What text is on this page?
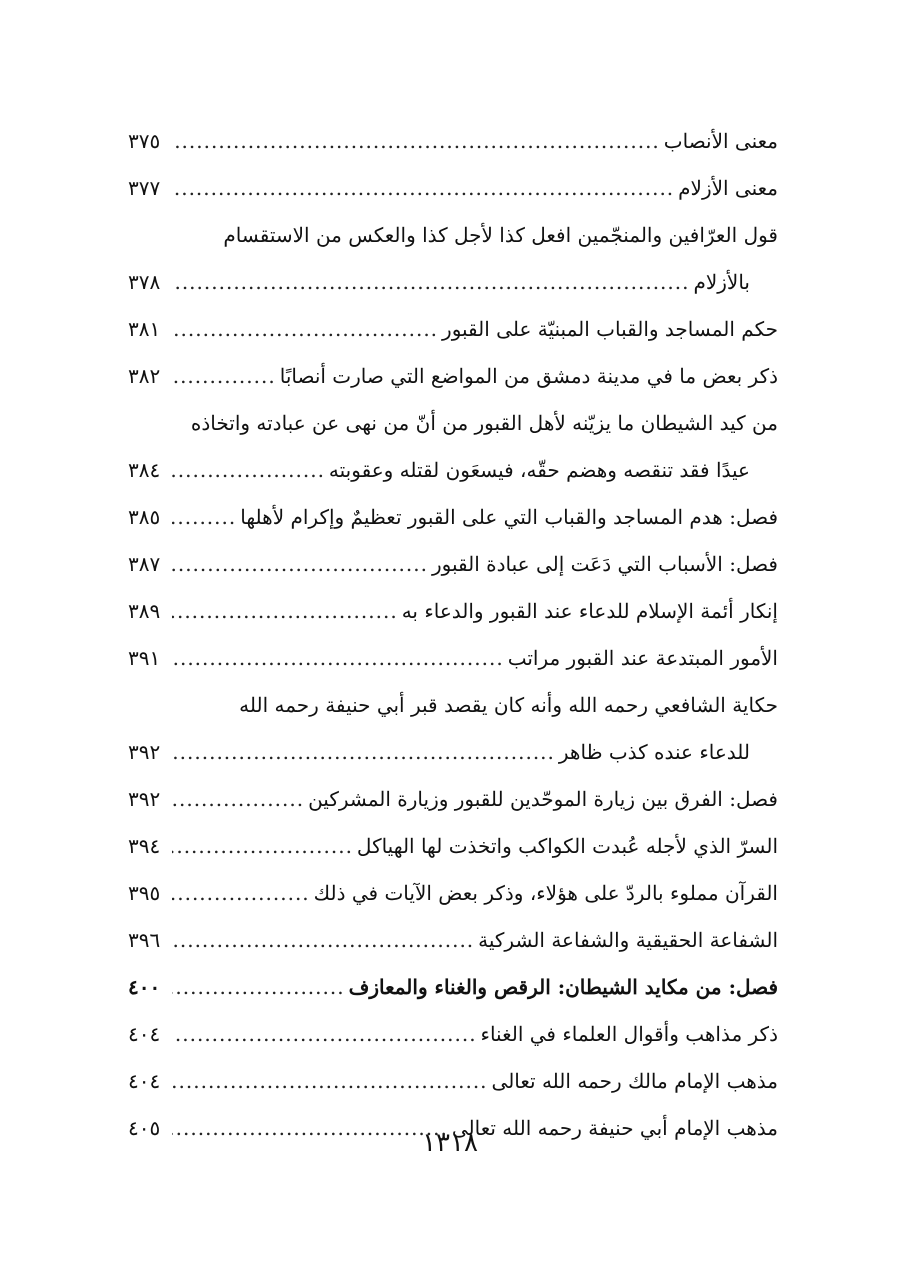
معنى الأنصاب
.....
٣٧٥
معنى الأزلام
.....
٣٧٧
قول العرّافين والمنجّمين افعل كذا لأجل كذا والعكس من الاستقسام
بالأزلام
.....
٣٧٨
حكم المساجد والقباب المبنيّة على القبور
.....
٣٨١
ذكر بعض ما في مدينة دمشق من المواضع التي صارت أنصابًا
.....
٣٨٢
من كيد الشيطان ما يزيّنه لأهل القبور من أنّ من نهى عن عبادته واتخاذه
عيدًا فقد تنقصه وهضم حقّه، فيسعَون لقتله وعقوبته
.....
٣٨٤
فصل: هدم المساجد والقباب التي على القبور تعظيمٌ وإكرام لأهلها
.....
٣٨٥
فصل: الأسباب التي دَعَت إلى عبادة القبور
.....
٣٨٧
إنكار أئمة الإسلام للدعاء عند القبور والدعاء به
.....
٣٨٩
الأمور المبتدعة عند القبور مراتب
.....
٣٩١
حكاية الشافعي رحمه الله وأنه كان يقصد قبر أبي حنيفة رحمه الله
للدعاء عنده كذب ظاهر
.....
٣٩٢
فصل: الفرق بين زيارة الموحّدين للقبور وزيارة المشركين
.....
٣٩٢
السرّ الذي لأجله عُبدت الكواكب واتخذت لها الهياكل
.....
٣٩٤
القرآن مملوء بالردّ على هؤلاء، وذكر بعض الآيات في ذلك
.....
٣٩٥
الشفاعة الحقيقية والشفاعة الشركية
.....
٣٩٦
فصل: من مكايد الشيطان: الرقص والغناء والمعازف
.....
٤٠٠
ذكر مذاهب وأقوال العلماء في الغناء
.....
٤٠٤
مذهب الإمام مالك رحمه الله تعالى
.....
٤٠٤
مذهب الإمام أبي حنيفة رحمه الله تعالى
.....
٤٠٥	١٣١٨
